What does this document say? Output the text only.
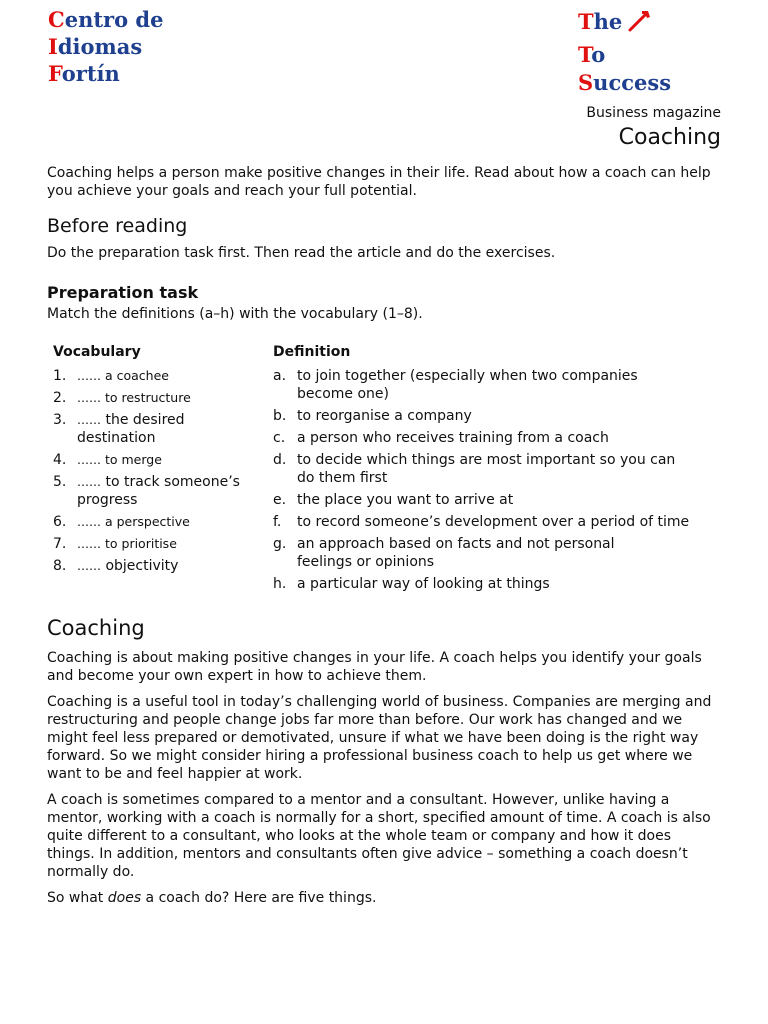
Centro de
Idiomas
Fortín
The
To
Success
Business magazine
Coaching

Coaching helps a person make positive changes in their life. Read about how a coach can help you achieve your goals and reach your full potential.

Before reading

Do the preparation task first. Then read the article and do the exercises.

Preparation task

Match the definitions (a–h) with the vocabulary (1–8).

Vocabulary
1. …… a coachee
2. …… to restructure
3. …… the desired destination
4. …… to merge
5. …… to track someone’s progress
6. …… a perspective
7. …… to prioritise
8. …… objectivity
Definition
a. to join together (especially when two companies become one)
b. to reorganise a company
c. a person who receives training from a coach
d. to decide which things are most important so you can do them first
e. the place you want to arrive at
f.	to record someone’s development over a period of time
g. an approach based on facts and not personal feelings or opinions
h. a particular way of looking at things
Coaching

Coaching is about making positive changes in your life. A coach helps you identify your goals and become your own expert in how to achieve them.

Coaching is a useful tool in today’s challenging world of business. Companies are merging and restructuring and people change jobs far more than before. Our work has changed and we might feel less prepared or demotivated, unsure if what we have been doing is the right way forward. So we might consider hiring a professional business coach to help us get where we want to be and feel happier at work.

A coach is sometimes compared to a mentor and a consultant. However, unlike having a mentor, working with a coach is normally for a short, specified amount of time. A coach is also quite different to a consultant, who looks at the whole team or company and how it does things. In addition, mentors and consultants often give advice – something a coach doesn’t normally do.

So what does a coach do? Here are five things.
